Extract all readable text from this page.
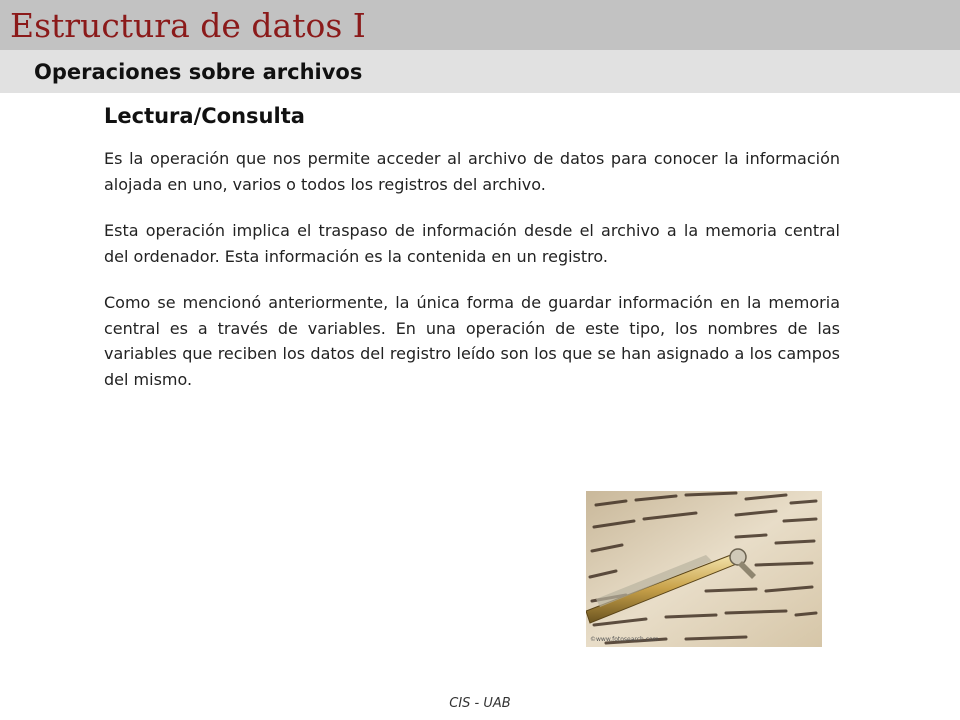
Estructura de datos I
Operaciones sobre archivos
Lectura/Consulta

Es la operación que nos permite acceder al archivo de datos para conocer la información alojada en uno, varios o todos los registros del archivo.

Esta operación implica el traspaso de información desde el archivo a la memoria central del ordenador. Esta información es la contenida en un registro.

Como se mencionó anteriormente, la única forma de guardar información en la memoria central es a través de variables. En una operación de este tipo, los nombres de las variables que reciben los datos del registro leído son los que se han asignado a los campos del mismo.

©www.fotosearch.com
CIS - UAB
